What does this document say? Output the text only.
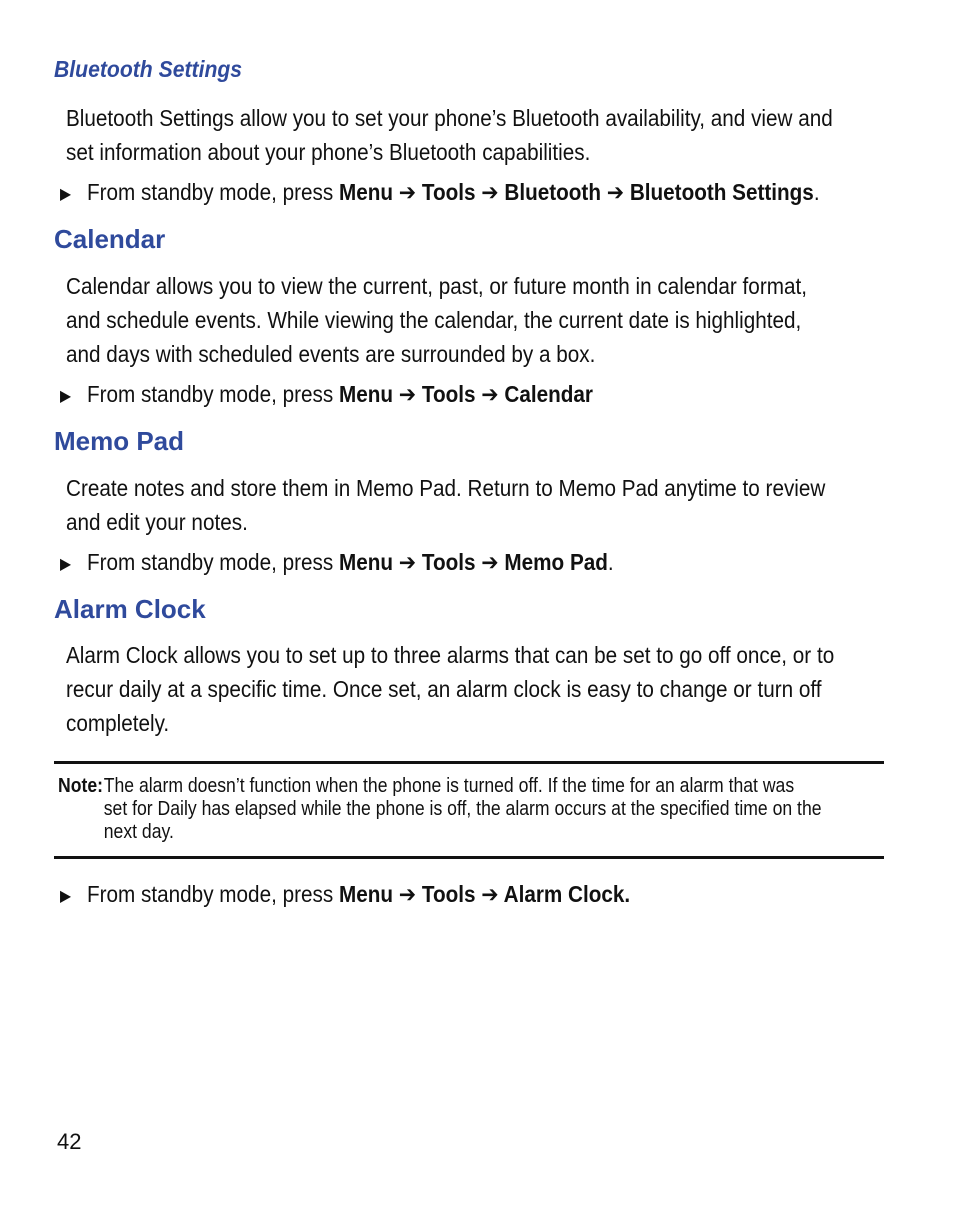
Bluetooth Settings

Bluetooth Settings allow you to set your phone’s Bluetooth availability, and view and set information about your phone’s Bluetooth capabilities.

▶ From standby mode, press Menu ➔ Tools ➔ Bluetooth ➔ Bluetooth Settings.

Calendar

Calendar allows you to view the current, past, or future month in calendar format, and schedule events. While viewing the calendar, the current date is highlighted, and days with scheduled events are surrounded by a box.

▶ From standby mode, press Menu ➔ Tools ➔ Calendar

Memo Pad

Create notes and store them in Memo Pad. Return to Memo Pad anytime to review and edit your notes.

▶ From standby mode, press Menu ➔ Tools ➔ Memo Pad.

Alarm Clock

Alarm Clock allows you to set up to three alarms that can be set to go off once, or to recur daily at a specific time. Once set, an alarm clock is easy to change or turn off completely.

Note:The alarm doesn’t function when the phone is turned off. If the time for an alarm that was
set for Daily has elapsed while the phone is off, the alarm occurs at the specified time on the
next day.

▶ From standby mode, press Menu ➔ Tools ➔ Alarm Clock.

42
